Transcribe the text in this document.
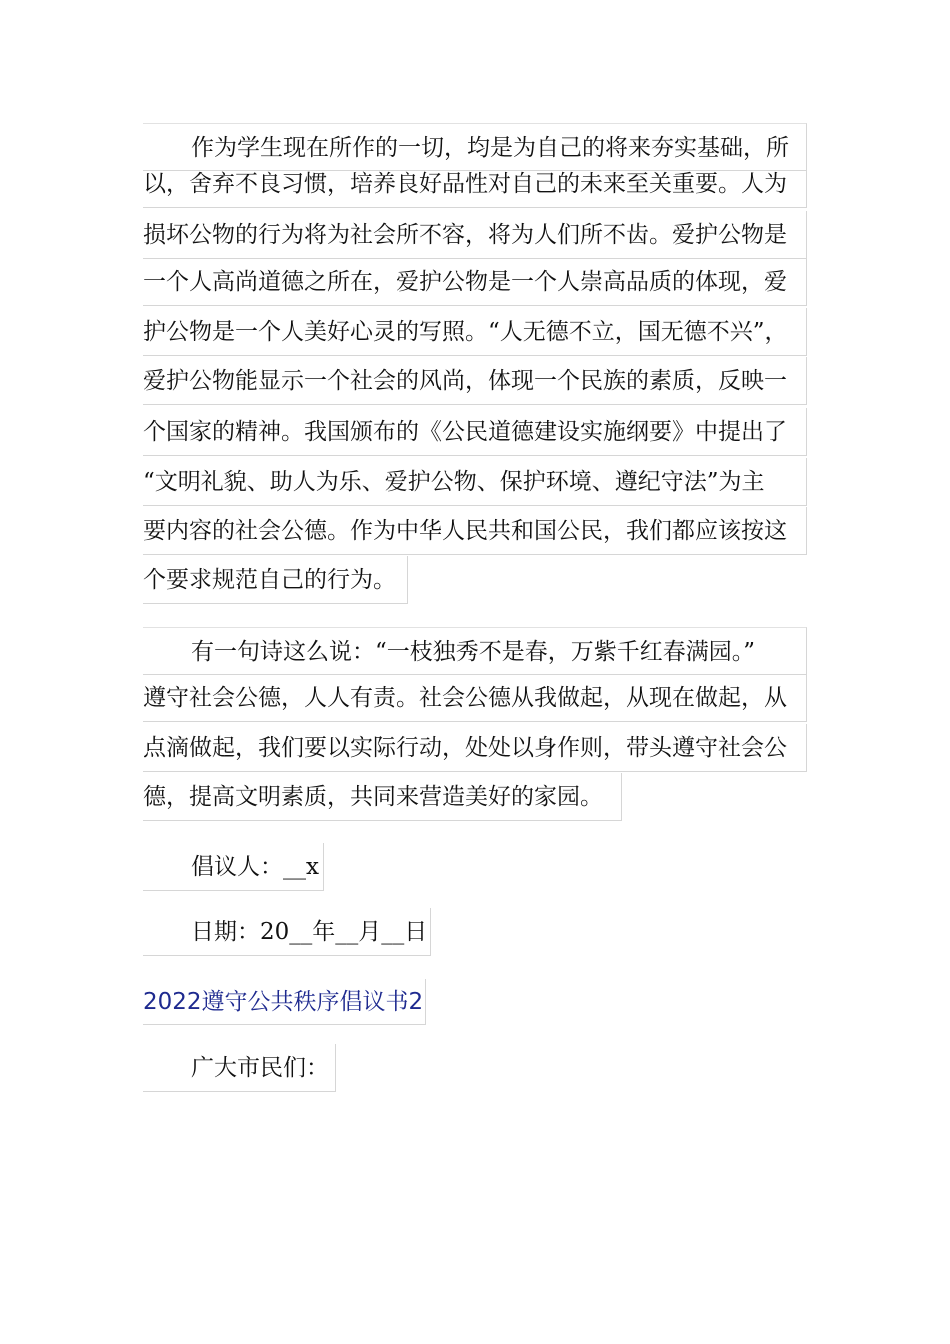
作为学生现在所作的一切，均是为自己的将来夯实基础，所
以，舍弃不良习惯，培养良好品性对自己的未来至关重要。人为
损坏公物的行为将为社会所不容，将为人们所不齿。爱护公物是
一个人高尚道德之所在，爱护公物是一个人崇高品质的体现，爱
护公物是一个人美好心灵的写照。“人无德不立，国无德不兴”，
爱护公物能显示一个社会的风尚，体现一个民族的素质，反映一
个国家的精神。我国颁布的《公民道德建设实施纲要》中提出了
“文明礼貌、助人为乐、爱护公物、保护环境、遵纪守法”为主
要内容的社会公德。作为中华人民共和国公民，我们都应该按这
个要求规范自己的行为。
有一句诗这么说：“一枝独秀不是春，万紫千红春满园。”
遵守社会公德，人人有责。社会公德从我做起，从现在做起，从
点滴做起，我们要以实际行动，处处以身作则，带头遵守社会公
德，提高文明素质，共同来营造美好的家园。
倡议人：__x
日期：20__年__月__日
2022遵守公共秩序倡议书2
广大市民们：
